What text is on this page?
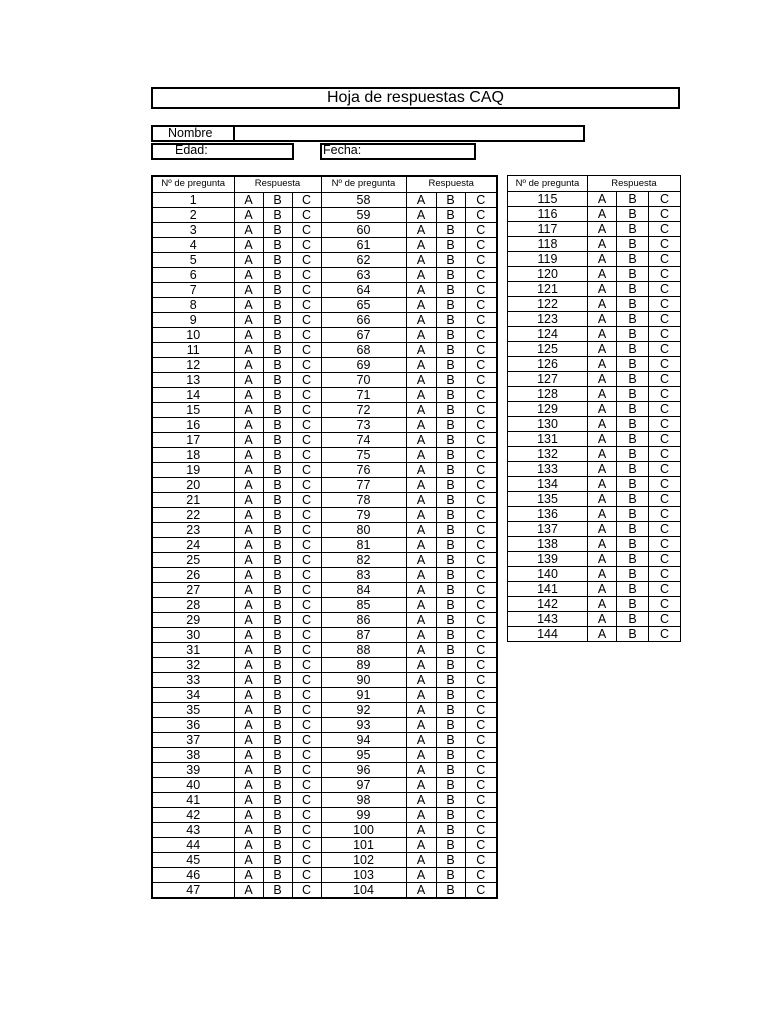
Hoja de respuestas CAQ
Nombre
Edad:	Fecha:
Nº de pregunta	Respuesta			Nº de pregunta	Respuesta		
1	A	B	C	58	A	B	C
2	A	B	C	59	A	B	C
3	A	B	C	60	A	B	C
4	A	B	C	61	A	B	C
5	A	B	C	62	A	B	C
6	A	B	C	63	A	B	C
7	A	B	C	64	A	B	C
8	A	B	C	65	A	B	C
9	A	B	C	66	A	B	C
10	A	B	C	67	A	B	C
11	A	B	C	68	A	B	C
12	A	B	C	69	A	B	C
13	A	B	C	70	A	B	C
14	A	B	C	71	A	B	C
15	A	B	C	72	A	B	C
16	A	B	C	73	A	B	C
17	A	B	C	74	A	B	C
18	A	B	C	75	A	B	C
19	A	B	C	76	A	B	C
20	A	B	C	77	A	B	C
21	A	B	C	78	A	B	C
22	A	B	C	79	A	B	C
23	A	B	C	80	A	B	C
24	A	B	C	81	A	B	C
25	A	B	C	82	A	B	C
26	A	B	C	83	A	B	C
27	A	B	C	84	A	B	C
28	A	B	C	85	A	B	C
29	A	B	C	86	A	B	C
30	A	B	C	87	A	B	C
31	A	B	C	88	A	B	C
32	A	B	C	89	A	B	C
33	A	B	C	90	A	B	C
34	A	B	C	91	A	B	C
35	A	B	C	92	A	B	C
36	A	B	C	93	A	B	C
37	A	B	C	94	A	B	C
38	A	B	C	95	A	B	C
39	A	B	C	96	A	B	C
40	A	B	C	97	A	B	C
41	A	B	C	98	A	B	C
42	A	B	C	99	A	B	C
43	A	B	C	100	A	B	C
44	A	B	C	101	A	B	C
45	A	B	C	102	A	B	C
46	A	B	C	103	A	B	C
47	A	B	C	104	A	B	C
Nº de pregunta	Respuesta		
115	A	B	C
116	A	B	C
117	A	B	C
118	A	B	C
119	A	B	C
120	A	B	C
121	A	B	C
122	A	B	C
123	A	B	C
124	A	B	C
125	A	B	C
126	A	B	C
127	A	B	C
128	A	B	C
129	A	B	C
130	A	B	C
131	A	B	C
132	A	B	C
133	A	B	C
134	A	B	C
135	A	B	C
136	A	B	C
137	A	B	C
138	A	B	C
139	A	B	C
140	A	B	C
141	A	B	C
142	A	B	C
143	A	B	C
144	A	B	C
